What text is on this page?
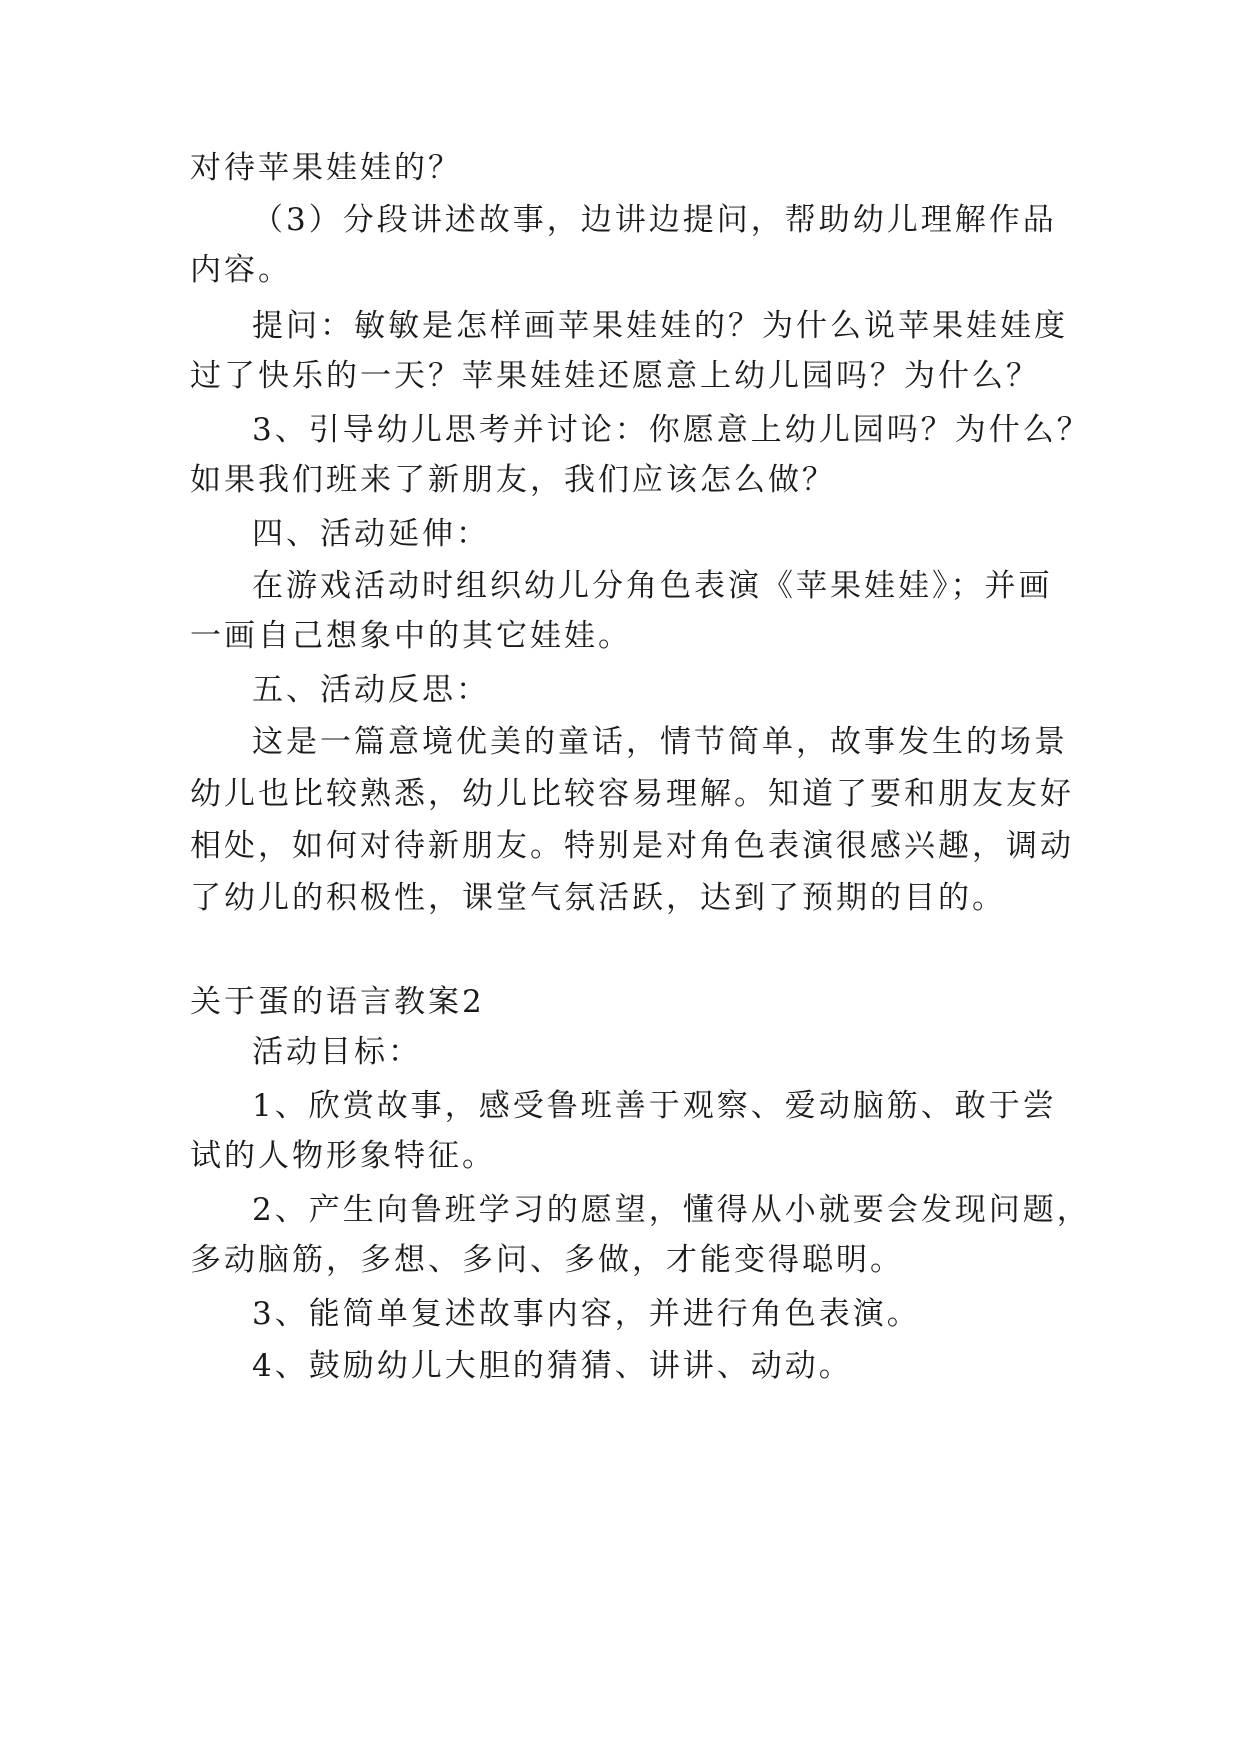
对待苹果娃娃的？
（3）分段讲述故事，边讲边提问，帮助幼儿理解作品
内容。
提问：敏敏是怎样画苹果娃娃的？为什么说苹果娃娃度
过了快乐的一天？苹果娃娃还愿意上幼儿园吗？为什么？
3、引导幼儿思考并讨论：你愿意上幼儿园吗？为什么？
如果我们班来了新朋友，我们应该怎么做？
四、活动延伸：
在游戏活动时组织幼儿分角色表演《苹果娃娃》；并画
一画自己想象中的其它娃娃。
五、活动反思：
这是一篇意境优美的童话，情节简单，故事发生的场景
幼儿也比较熟悉，幼儿比较容易理解。知道了要和朋友友好
相处，如何对待新朋友。特别是对角色表演很感兴趣，调动
了幼儿的积极性，课堂气氛活跃，达到了预期的目的。
关于蛋的语言教案2
活动目标：
1、欣赏故事，感受鲁班善于观察、爱动脑筋、敢于尝
试的人物形象特征。
2、产生向鲁班学习的愿望，懂得从小就要会发现问题，
多动脑筋，多想、多问、多做，才能变得聪明。
3、能简单复述故事内容，并进行角色表演。
4、鼓励幼儿大胆的猜猜、讲讲、动动。
